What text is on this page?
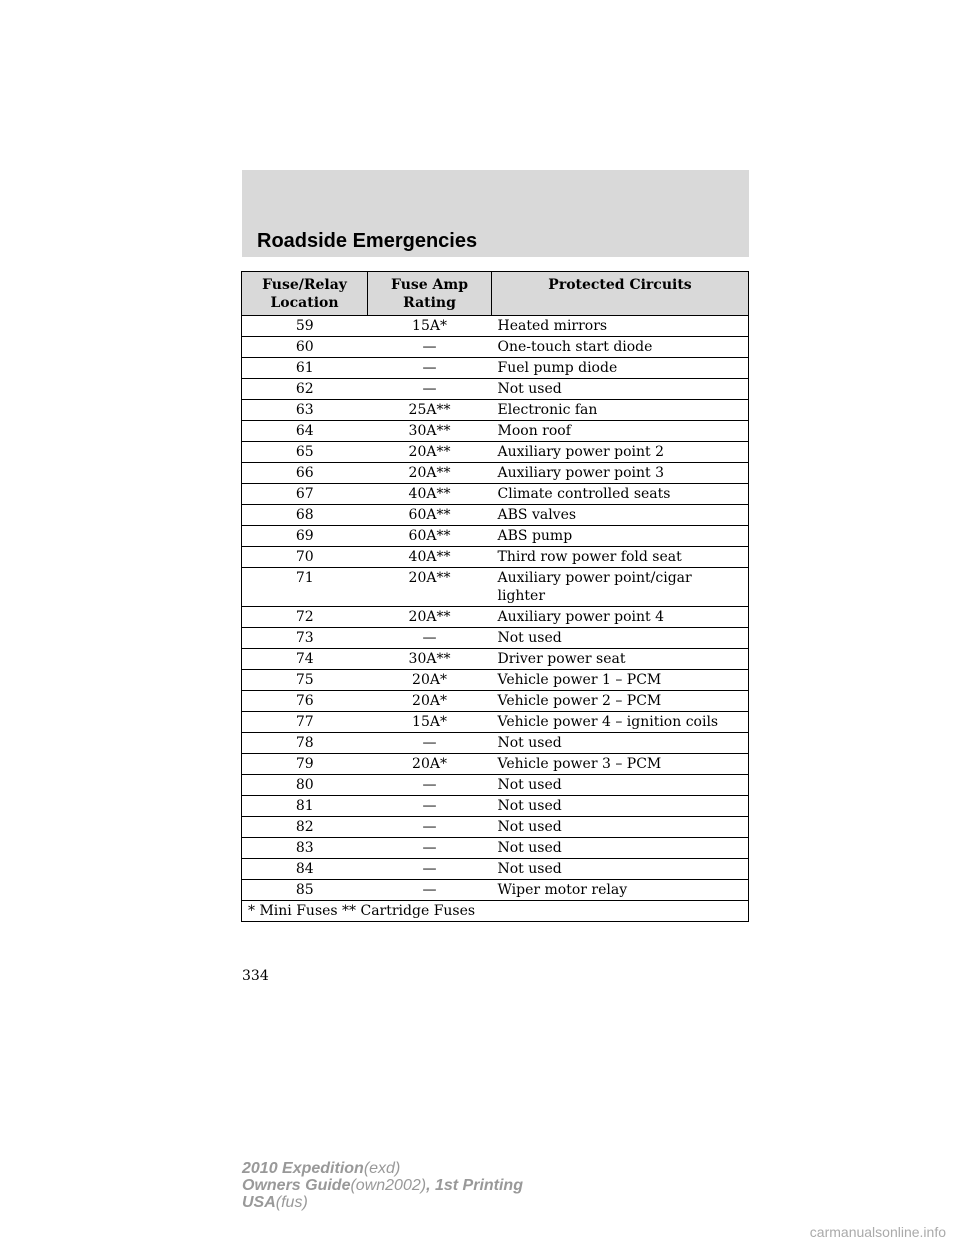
Roadside Emergencies
Fuse/Relay Location	Fuse Amp Rating	Protected Circuits
59	15A*	Heated mirrors
60	—	One-touch start diode
61	—	Fuel pump diode
62	—	Not used
63	25A**	Electronic fan
64	30A**	Moon roof
65	20A**	Auxiliary power point 2
66	20A**	Auxiliary power point 3
67	40A**	Climate controlled seats
68	60A**	ABS valves
69	60A**	ABS pump
70	40A**	Third row power fold seat
71	20A**	Auxiliary power point/cigar lighter
72	20A**	Auxiliary power point 4
73	—	Not used
74	30A**	Driver power seat
75	20A*	Vehicle power 1 – PCM
76	20A*	Vehicle power 2 – PCM
77	15A*	Vehicle power 4 – ignition coils
78	—	Not used
79	20A*	Vehicle power 3 – PCM
80	—	Not used
81	—	Not used
82	—	Not used
83	—	Not used
84	—	Not used
85	—	Wiper motor relay
* Mini Fuses ** Cartridge Fuses		
334
2010 Expedition(exd)
Owners Guide(own2002), 1st Printing
USA(fus)
carmanualsonline.info
